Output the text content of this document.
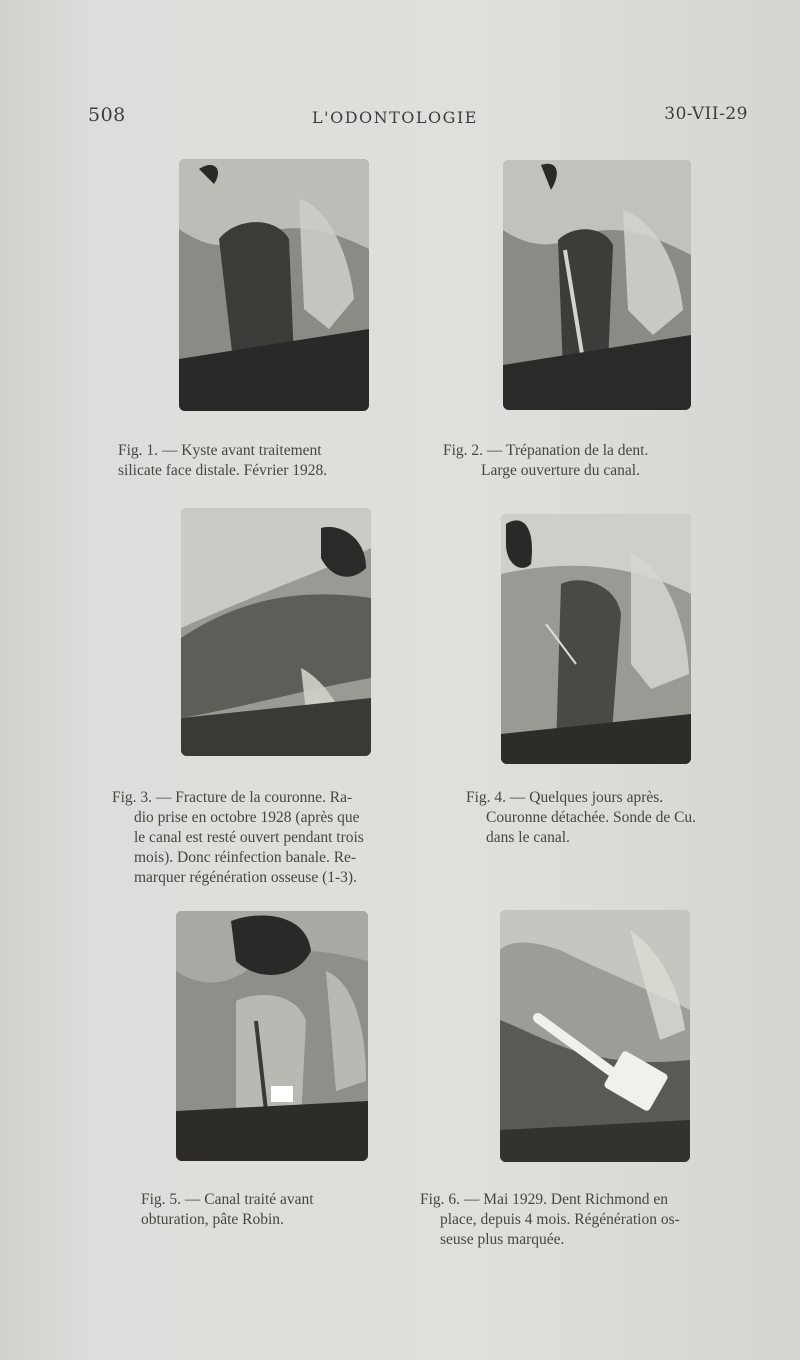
508	L'ODONTOLOGIE	30-VII-29
Fig. 1. — Kyste avant traitement
silicate face distale. Février 1928.
Fig. 2. — Trépanation de la dent.
Large ouverture du canal.
Fig. 3. — Fracture de la couronne. Ra-
dio prise en octobre 1928 (après que
le canal est resté ouvert pendant trois
mois). Donc réinfection banale. Re-
marquer régénération osseuse (1-3).
Fig. 4. — Quelques jours après.
Couronne détachée. Sonde de Cu.
dans le canal.
Fig. 5. — Canal traité avant
obturation, pâte Robin.
Fig. 6. — Mai 1929. Dent Richmond en
place, depuis 4 mois. Régénération os-
seuse plus marquée.
